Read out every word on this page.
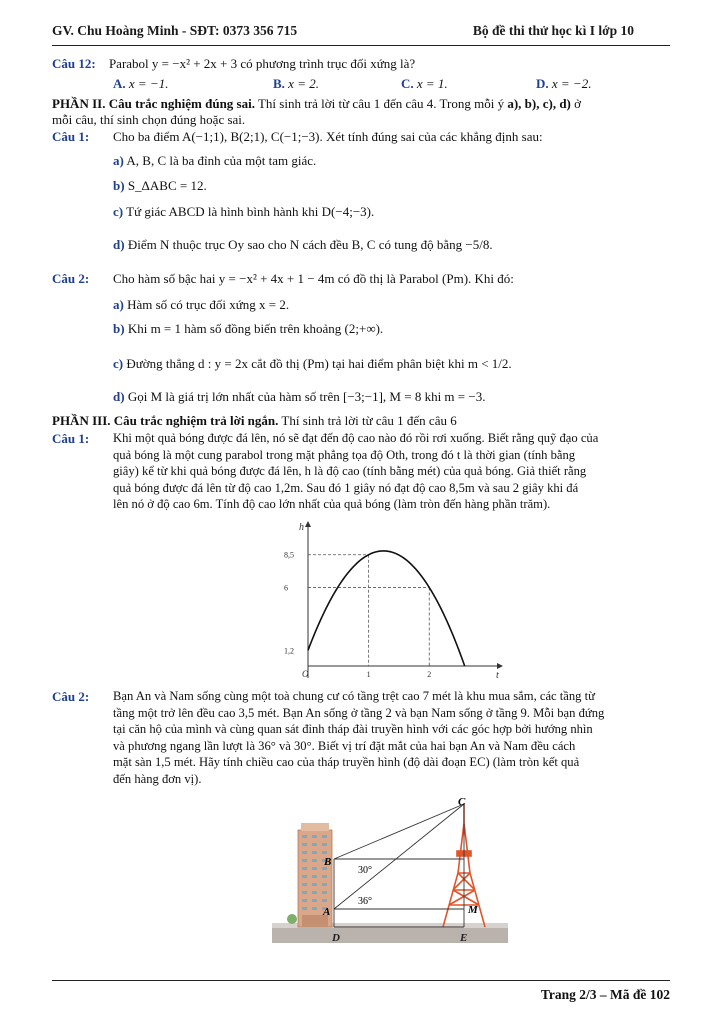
GV. Chu Hoàng Minh - SĐT: 0373 356 715	Bộ đề thi thử học kì I lớp 10
Câu 12: Parabol y = −x² + 2x + 3 có phương trình trục đối xứng là?
A. x = −1.	B. x = 2.	C. x = 1.	D. x = −2.
PHẦN II. Câu trắc nghiệm đúng sai. Thí sinh trả lời từ câu 1 đến câu 4. Trong mỗi ý a), b), c), d) ở
mỗi câu, thí sinh chọn đúng hoặc sai.
Câu 1: Cho ba điểm A(−1;1), B(2;1), C(−1;−3). Xét tính đúng sai của các khẳng định sau:
a) A, B, C là ba đỉnh của một tam giác.
b) S_ΔABC = 12.
c) Tứ giác ABCD là hình bình hành khi D(−4;−3).
d) Điểm N thuộc trục Oy sao cho N cách đều B, C có tung độ bằng −5/8.
Câu 2: Cho hàm số bậc hai y = −x² + 4x + 1 − 4m có đồ thị là Parabol (Pm). Khi đó:
a) Hàm số có trục đối xứng x = 2.
b) Khi m = 1 hàm số đồng biến trên khoảng (2;+∞).
c) Đường thẳng d : y = 2x cắt đồ thị (Pm) tại hai điểm phân biệt khi m < 1/2.
d) Gọi M là giá trị lớn nhất của hàm số trên [−3;−1], M = 8 khi m = −3.
PHẦN III. Câu trắc nghiệm trả lời ngắn. Thí sinh trả lời từ câu 1 đến câu 6
Câu 1: Khi một quả bóng được đá lên, nó sẽ đạt đến độ cao nào đó rồi rơi xuống. Biết rằng quỹ đạo của
quả bóng là một cung parabol trong mặt phẳng tọa độ Oth, trong đó t là thời gian (tính bằng
giây) kể từ khi quả bóng được đá lên, h là độ cao (tính bằng mét) của quả bóng. Giả thiết rằng
quả bóng được đá lên từ độ cao 1,2m. Sau đó 1 giây nó đạt độ cao 8,5m và sau 2 giây khi đá
lên nó ở độ cao 6m. Tính độ cao lớn nhất của quả bóng (làm tròn đến hàng phần trăm).
h
t
O
1,2
6
8,5
1	2
Câu 2: Bạn An và Nam sống cùng một toà chung cư có tầng trệt cao 7 mét là khu mua sắm, các tầng từ
tầng một trở lên đều cao 3,5 mét. Bạn An sống ở tầng 2 và bạn Nam sống ở tầng 9. Mỗi bạn đứng
tại căn hộ của mình và cùng quan sát đỉnh tháp đài truyền hình với các góc hợp bởi hướng nhìn
và phương ngang lần lượt là 36° và 30°. Biết vị trí đặt mắt của hai bạn An và Nam đều cách
mặt sàn 1,5 mét. Hãy tính chiều cao của tháp truyền hình (độ dài đoạn EC) (làm tròn kết quả
đến hàng đơn vị).
C
B
A
D	E
M
30°
36°
Trang 2/3 – Mã đề 102
